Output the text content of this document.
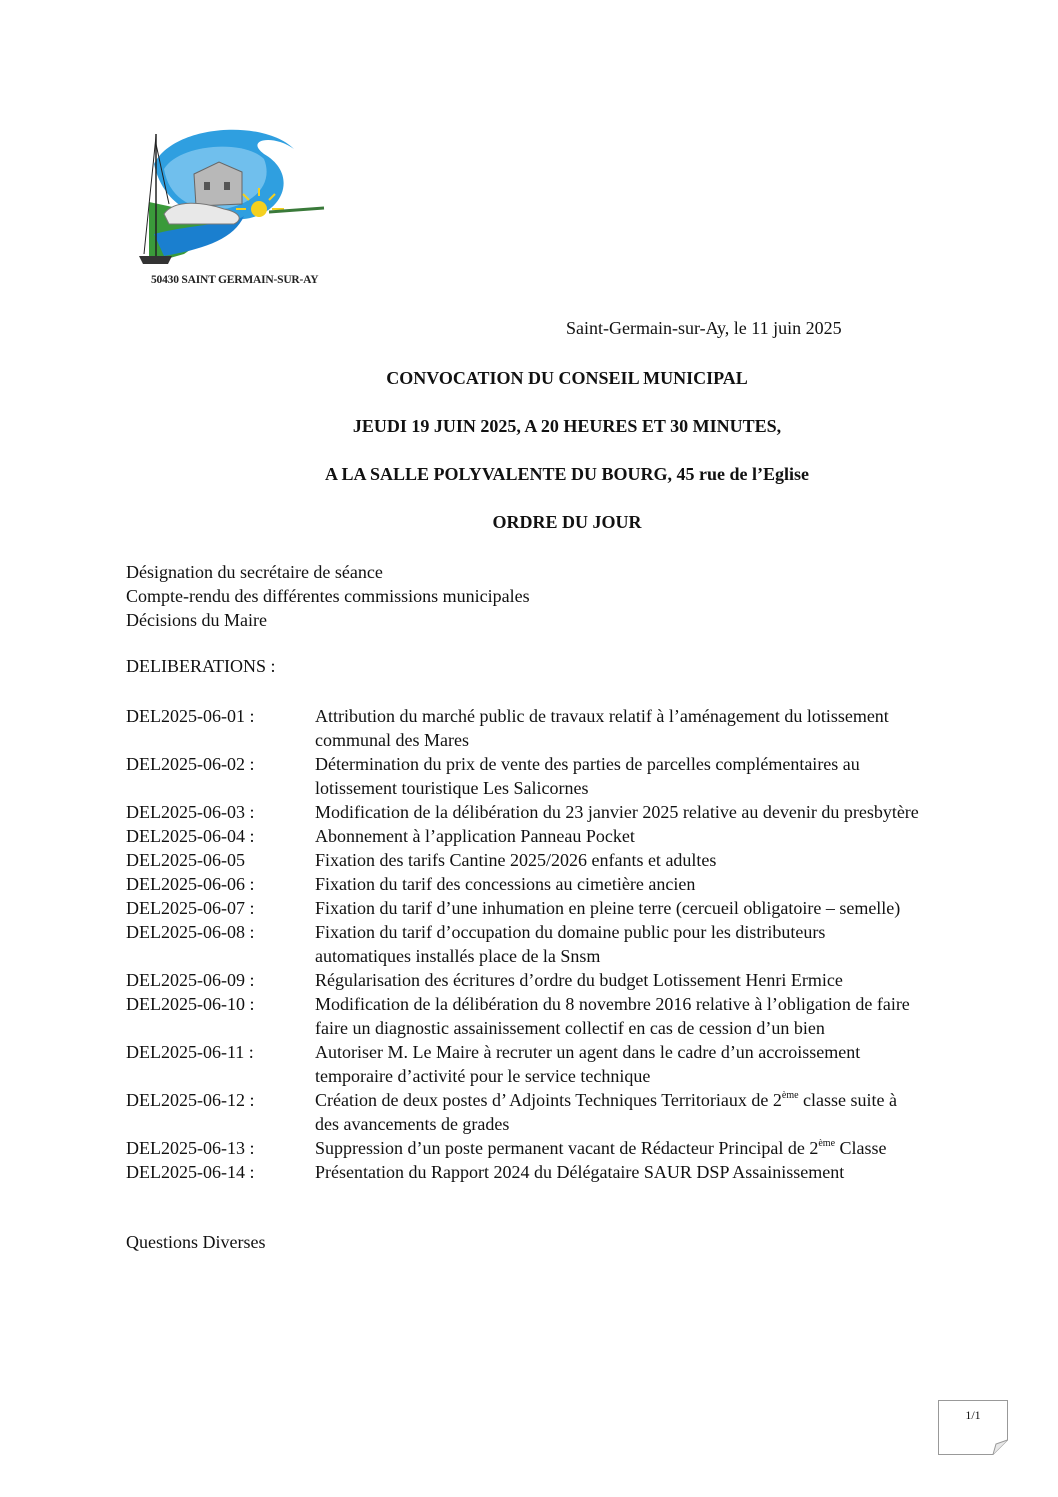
50430 SAINT GERMAIN-SUR-AY
Saint-Germain-sur-Ay, le 11 juin 2025
CONVOCATION DU CONSEIL MUNICIPAL
JEUDI 19 JUIN 2025, A 20 HEURES ET 30 MINUTES,
A LA SALLE POLYVALENTE DU BOURG, 45 rue de l’Eglise
ORDRE DU JOUR
Désignation du secrétaire de séance
Compte-rendu des différentes commissions municipales
Décisions du Maire
DELIBERATIONS :
DEL2025-06-01 :	Attribution du marché public de travaux relatif à l’aménagement du lotissement
communal des Mares
DEL2025-06-02 :	Détermination du prix de vente des parties de parcelles complémentaires au
lotissement touristique Les Salicornes
DEL2025-06-03 :	Modification de la délibération du 23 janvier 2025 relative au devenir du presbytère
DEL2025-06-04 :	Abonnement à l’application Panneau Pocket
DEL2025-06-05	Fixation des tarifs Cantine 2025/2026 enfants et adultes
DEL2025-06-06 :	Fixation du tarif des concessions au cimetière ancien
DEL2025-06-07 :	Fixation du tarif d’une inhumation en pleine terre (cercueil obligatoire – semelle)
DEL2025-06-08 :	Fixation du tarif d’occupation du domaine public pour les distributeurs
automatiques installés place de la Snsm
DEL2025-06-09 :	Régularisation des écritures d’ordre du budget Lotissement Henri Ermice
DEL2025-06-10 :	Modification de la délibération du 8 novembre 2016 relative à l’obligation de faire
faire un diagnostic assainissement collectif en cas de cession d’un bien
DEL2025-06-11 :	Autoriser M. Le Maire à recruter un agent dans le cadre d’un accroissement
temporaire d’activité pour le service technique
DEL2025-06-12 :	Création de deux postes d’ Adjoints Techniques Territoriaux de 2ème classe suite à
des avancements de grades
DEL2025-06-13 :	Suppression d’un poste permanent vacant de Rédacteur Principal de 2ème Classe
DEL2025-06-14 :	Présentation du Rapport 2024 du Délégataire SAUR DSP Assainissement
Questions Diverses
1/1
